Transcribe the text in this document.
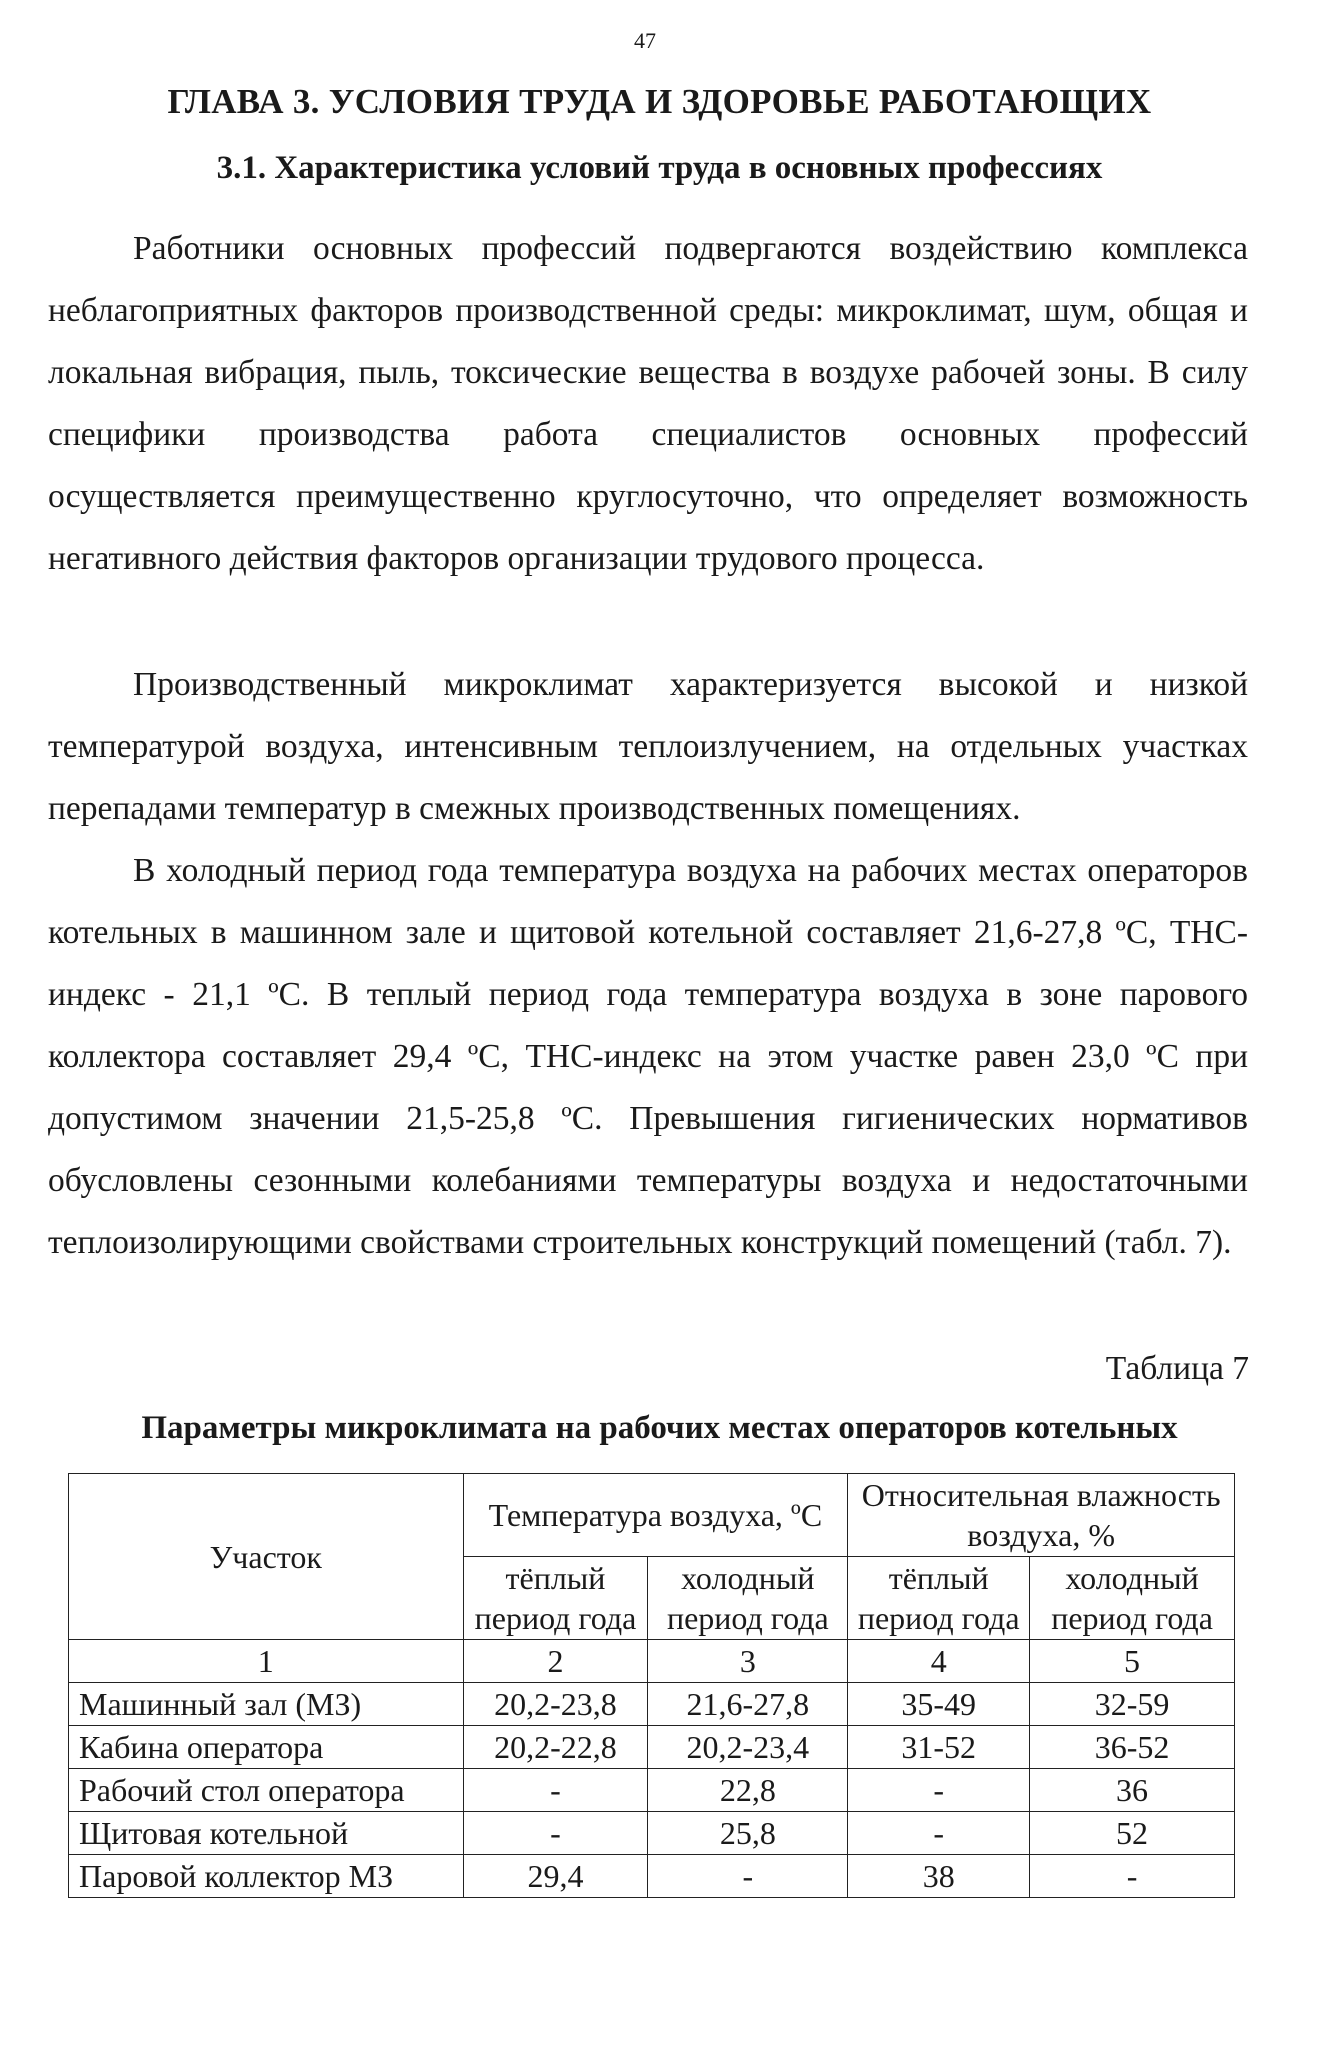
47
ГЛАВА 3. УСЛОВИЯ ТРУДА И ЗДОРОВЬЕ РАБОТАЮЩИХ
3.1. Характеристика условий труда в основных профессиях

Работники основных профессий подвергаются воздействию комплекса неблагоприятных факторов производственной среды: микроклимат, шум, общая и локальная вибрация, пыль, токсические вещества в воздухе рабочей зоны. В силу специфики производства работа специалистов основных профессий осуществляется преимущественно круглосуточно, что определяет возможность негативного действия факторов организации трудового процесса.

Производственный микроклимат характеризуется высокой и низкой температурой воздуха, интенсивным теплоизлучением, на отдельных участках перепадами температур в смежных производственных помещениях.

В холодный период года температура воздуха на рабочих местах операторов котельных в машинном зале и щитовой котельной составляет 21,6-27,8 ºС, ТНС-индекс - 21,1 ºС. В теплый период года температура воздуха в зоне парового коллектора составляет 29,4 ºС, ТНС-индекс на этом участке равен 23,0 ºС при допустимом значении 21,5-25,8 ºС. Превышения гигиенических нормативов обусловлены сезонными колебаниями температуры воздуха и недостаточными теплоизолирующими свойствами строительных конструкций помещений (табл. 7).

Таблица 7
Параметры микроклимата на рабочих местах операторов котельных
Участок	Температура воздуха, ºС		Относительная влажность воздуха, %	
	тёплый период года	холодный период года	тёплый период года	холодный период года
1	2	3	4	5
Машинный зал (МЗ)	20,2-23,8	21,6-27,8	35-49	32-59
Кабина оператора	20,2-22,8	20,2-23,4	31-52	36-52
Рабочий стол оператора	-	22,8	-	36
Щитовая котельной	-	25,8	-	52
Паровой коллектор МЗ	29,4	-	38	-
